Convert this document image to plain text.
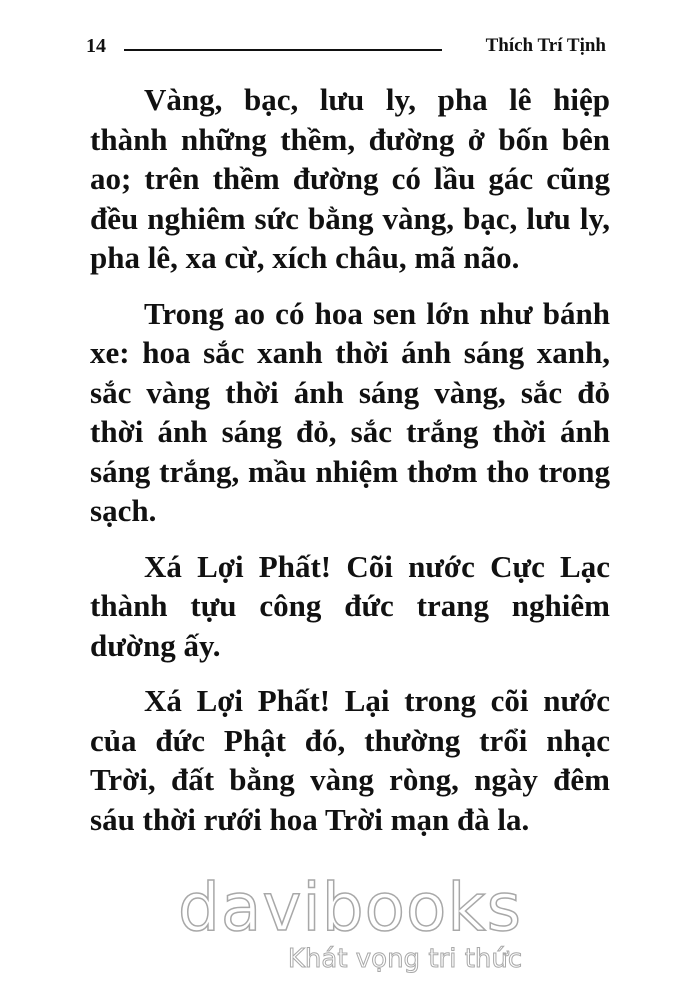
14	Thích Trí Tịnh

Vàng, bạc, lưu ly, pha lê hiệp thành những thềm, đường ở bốn bên ao; trên thềm đường có lầu gác cũng đều nghiêm sức bằng vàng, bạc, lưu ly, pha lê, xa cừ, xích châu, mã não.

Trong ao có hoa sen lớn như bánh xe: hoa sắc xanh thời ánh sáng xanh, sắc vàng thời ánh sáng vàng, sắc đỏ thời ánh sáng đỏ, sắc trắng thời ánh sáng trắng, mầu nhiệm thơm tho trong sạch.

Xá Lợi Phất! Cõi nước Cực Lạc thành tựu công đức trang nghiêm dường ấy.

Xá Lợi Phất! Lại trong cõi nước của đức Phật đó, thường trổi nhạc Trời, đất bằng vàng ròng, ngày đêm sáu thời rưới hoa Trời mạn đà la.

davibooks
Khát vọng tri thức
